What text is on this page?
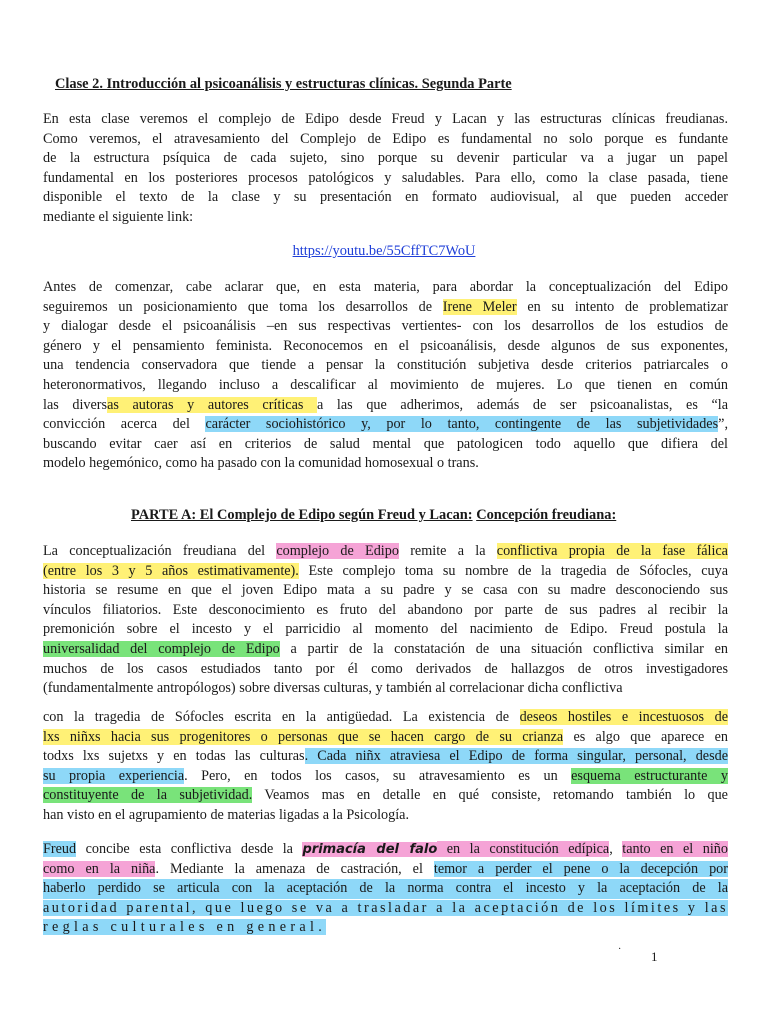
Clase 2. Introducción al psicoanálisis y estructuras clínicas. Segunda Parte
En esta clase veremos el complejo de Edipo desde Freud y Lacan y las estructuras clínicas freudianas.
Como veremos, el atravesamiento del Complejo de Edipo es fundamental no solo porque es fundante
de la estructura psíquica de cada sujeto, sino porque su devenir particular va a jugar un papel
fundamental en los posteriores procesos patológicos y saludables. Para ello, como la clase pasada, tiene
disponible el texto de la clase y su presentación en formato audiovisual, al que pueden acceder
mediante el siguiente link:
https://youtu.be/55CffTC7WoU
Antes de comenzar, cabe aclarar que, en esta materia, para abordar la conceptualización del Edipo
seguiremos un posicionamiento que toma los desarrollos de Irene Meler en su intento de problematizar
y dialogar desde el psicoanálisis –en sus respectivas vertientes- con los desarrollos de los estudios de
género y el pensamiento feminista. Reconocemos en el psicoanálisis, desde algunos de sus exponentes,
una tendencia conservadora que tiende a pensar la constitución subjetiva desde criterios patriarcales o
heteronormativos, llegando incluso a descalificar al movimiento de mujeres. Lo que tienen en común
las diversas autoras y autores críticas a las que adherimos, además de ser psicoanalistas, es “la
convicción acerca del carácter sociohistórico y, por lo tanto, contingente de las subjetividades”,
buscando evitar caer así en criterios de salud mental que patologicen todo aquello que difiera del
modelo hegemónico, como ha pasado con la comunidad homosexual o trans.
PARTE A: El Complejo de Edipo según Freud y Lacan: Concepción freudiana:
La conceptualización freudiana del complejo de Edipo remite a la conflictiva propia de la fase fálica
(entre los 3 y 5 años estimativamente). Este complejo toma su nombre de la tragedia de Sófocles, cuya
historia se resume en que el joven Edipo mata a su padre y se casa con su madre desconociendo sus
vínculos filiatorios. Este desconocimiento es fruto del abandono por parte de sus padres al recibir la
premonición sobre el incesto y el parricidio al momento del nacimiento de Edipo. Freud postula la
universalidad del complejo de Edipo a partir de la constatación de una situación conflictiva similar en
muchos de los casos estudiados tanto por él como derivados de hallazgos de otros investigadores
(fundamentalmente antropólogos) sobre diversas culturas, y también al correlacionar dicha conflictiva
con la tragedia de Sófocles escrita en la antigüedad. La existencia de deseos hostiles e incestuosos de
lxs niñxs hacia sus progenitores o personas que se hacen cargo de su crianza es algo que aparece en
todxs lxs sujetxs y en todas las culturas. Cada niñx atraviesa el Edipo de forma singular, personal, desde
su propia experiencia. Pero, en todos los casos, su atravesamiento es un esquema estructurante y
constituyente de la subjetividad. Veamos mas en detalle en qué consiste, retomando también lo que
han visto en el agrupamiento de materias ligadas a la Psicología.
Freud concibe esta conflictiva desde la primacía del falo en la constitución edípica, tanto en el niño
como en la niña. Mediante la amenaza de castración, el temor a perder el pene o la decepción por
haberlo perdido se articula con la aceptación de la norma contra el incesto y la aceptación de la
autoridad parental, que luego se va a trasladar a la aceptación de los límites y las
reglas culturales en general.
· 1
